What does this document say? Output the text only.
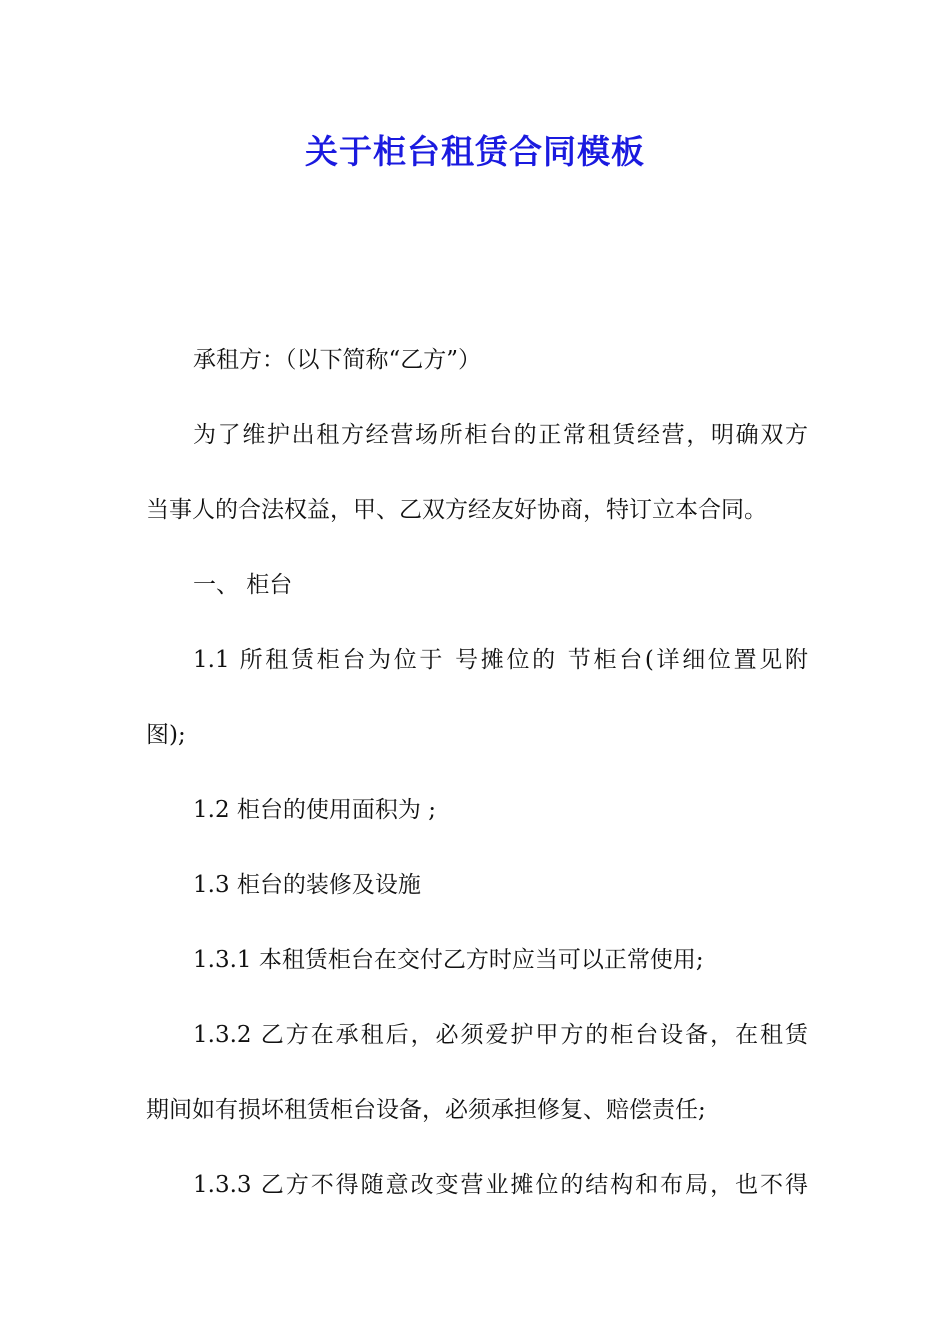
关于柜台租赁合同模板
承租方：（以下简称“乙方”）
为了维护出租方经营场所柜台的正常租赁经营，明确双方
当事人的合法权益，甲、乙双方经友好协商，特订立本合同。
一、 柜台
1.1 所租赁柜台为位于 号摊位的 节柜台(详细位置见附
图);
1.2 柜台的使用面积为 ;
1.3 柜台的装修及设施
1.3.1 本租赁柜台在交付乙方时应当可以正常使用;
1.3.2 乙方在承租后，必须爱护甲方的柜台设备，在租赁
期间如有损坏租赁柜台设备，必须承担修复、赔偿责任;
1.3.3 乙方不得随意改变营业摊位的结构和布局，也不得
